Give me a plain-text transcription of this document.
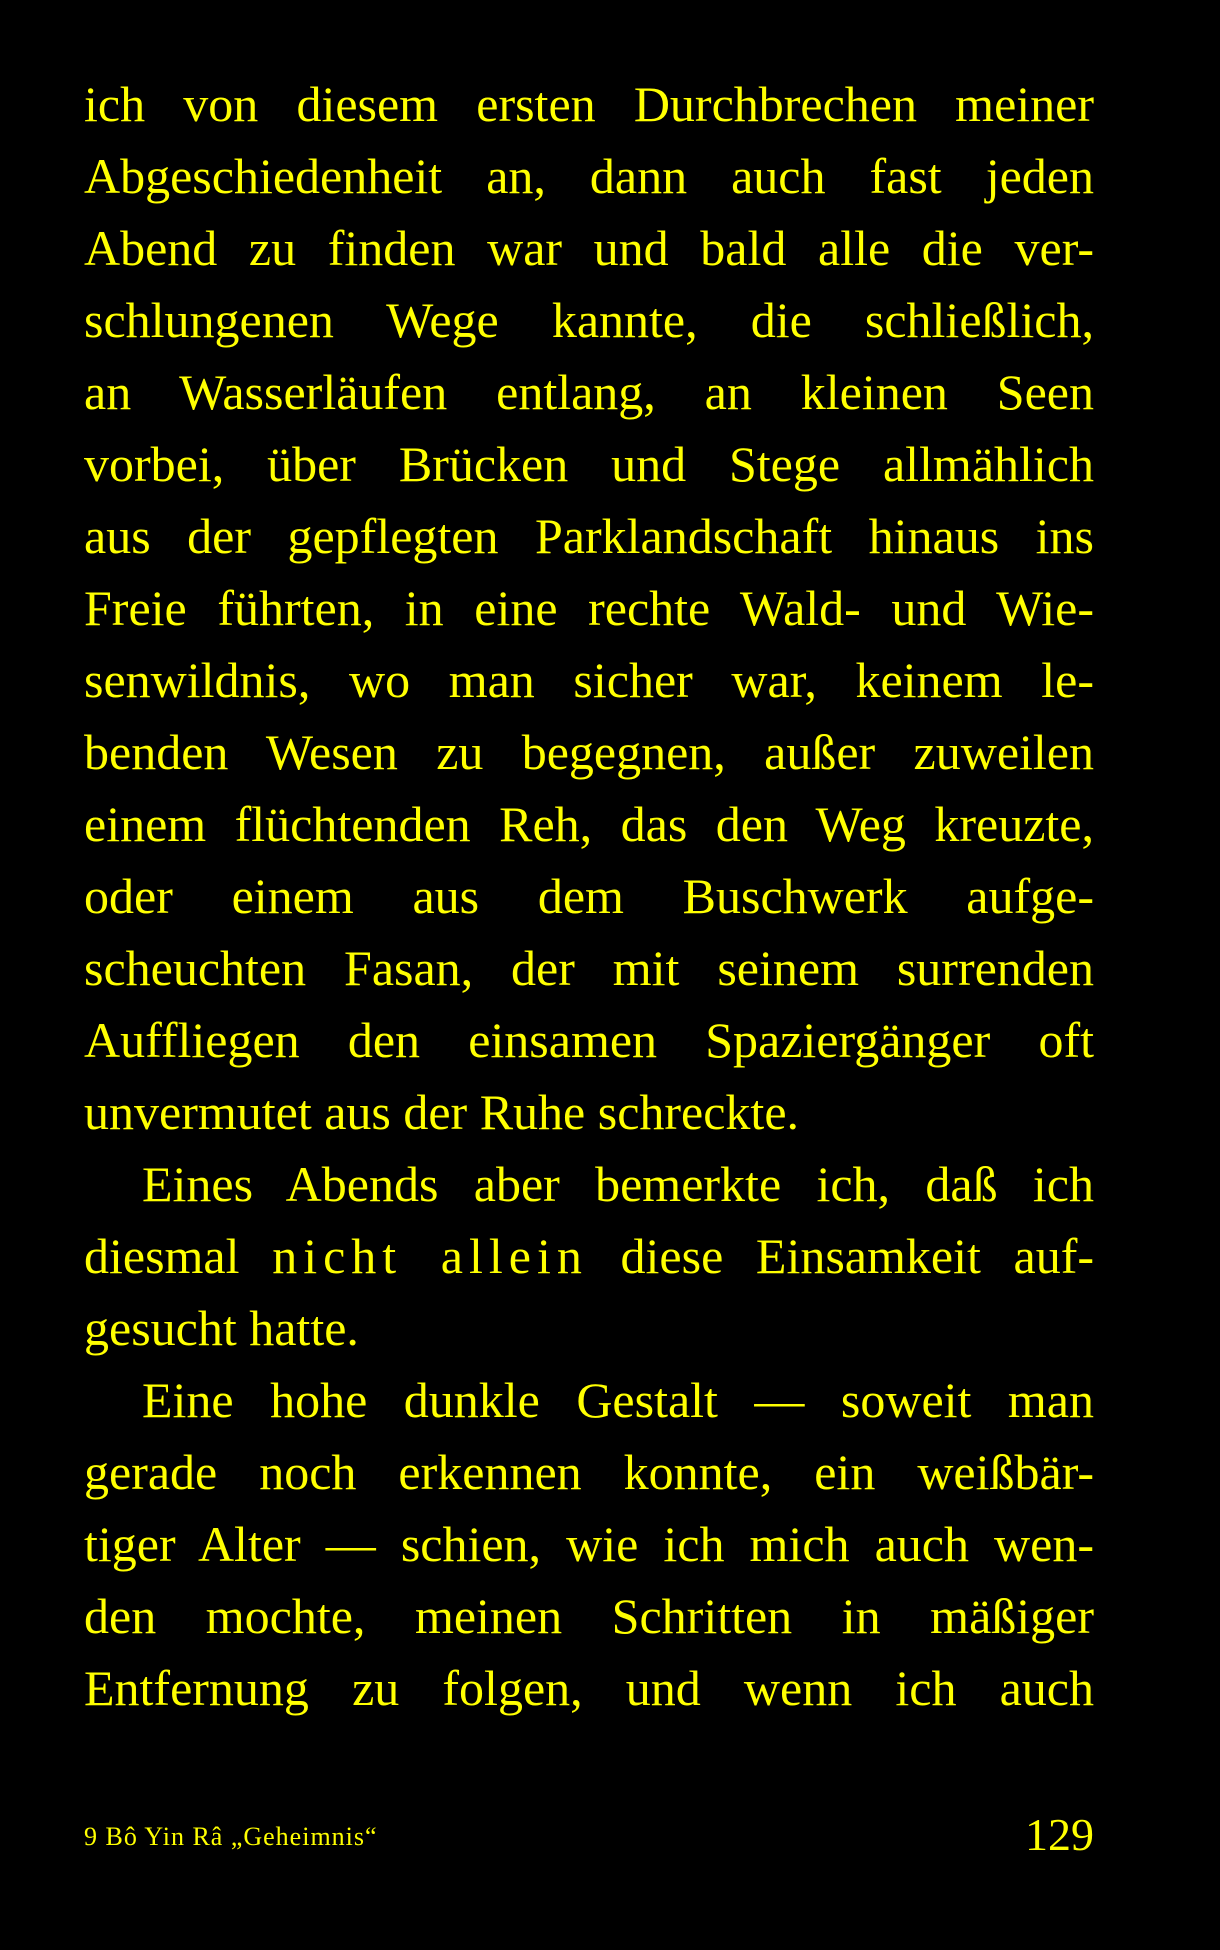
ich von diesem ersten Durchbrechen meiner
Abgeschiedenheit an, dann auch fast jeden
Abend zu finden war und bald alle die ver-
schlungenen Wege kannte, die schließlich,
an Wasserläufen entlang, an kleinen Seen
vorbei, über Brücken und Stege allmählich
aus der gepflegten Parklandschaft hinaus ins
Freie führten, in eine rechte Wald- und Wie-
senwildnis, wo man sicher war, keinem le-
benden Wesen zu begegnen, außer zuweilen
einem flüchtenden Reh, das den Weg kreuzte,
oder einem aus dem Buschwerk aufge-
scheuchten Fasan, der mit seinem surrenden
Auffliegen den einsamen Spaziergänger oft
unvermutet aus der Ruhe schreckte.
Eines Abends aber bemerkte ich, daß ich
diesmal nicht allein diese Einsamkeit auf-
gesucht hatte.
Eine hohe dunkle Gestalt — soweit man
gerade noch erkennen konnte, ein weißbär-
tiger Alter — schien, wie ich mich auch wen-
den mochte, meinen Schritten in mäßiger
Entfernung zu folgen, und wenn ich auch
9 Bô Yin Râ „Geheimnis“	129
